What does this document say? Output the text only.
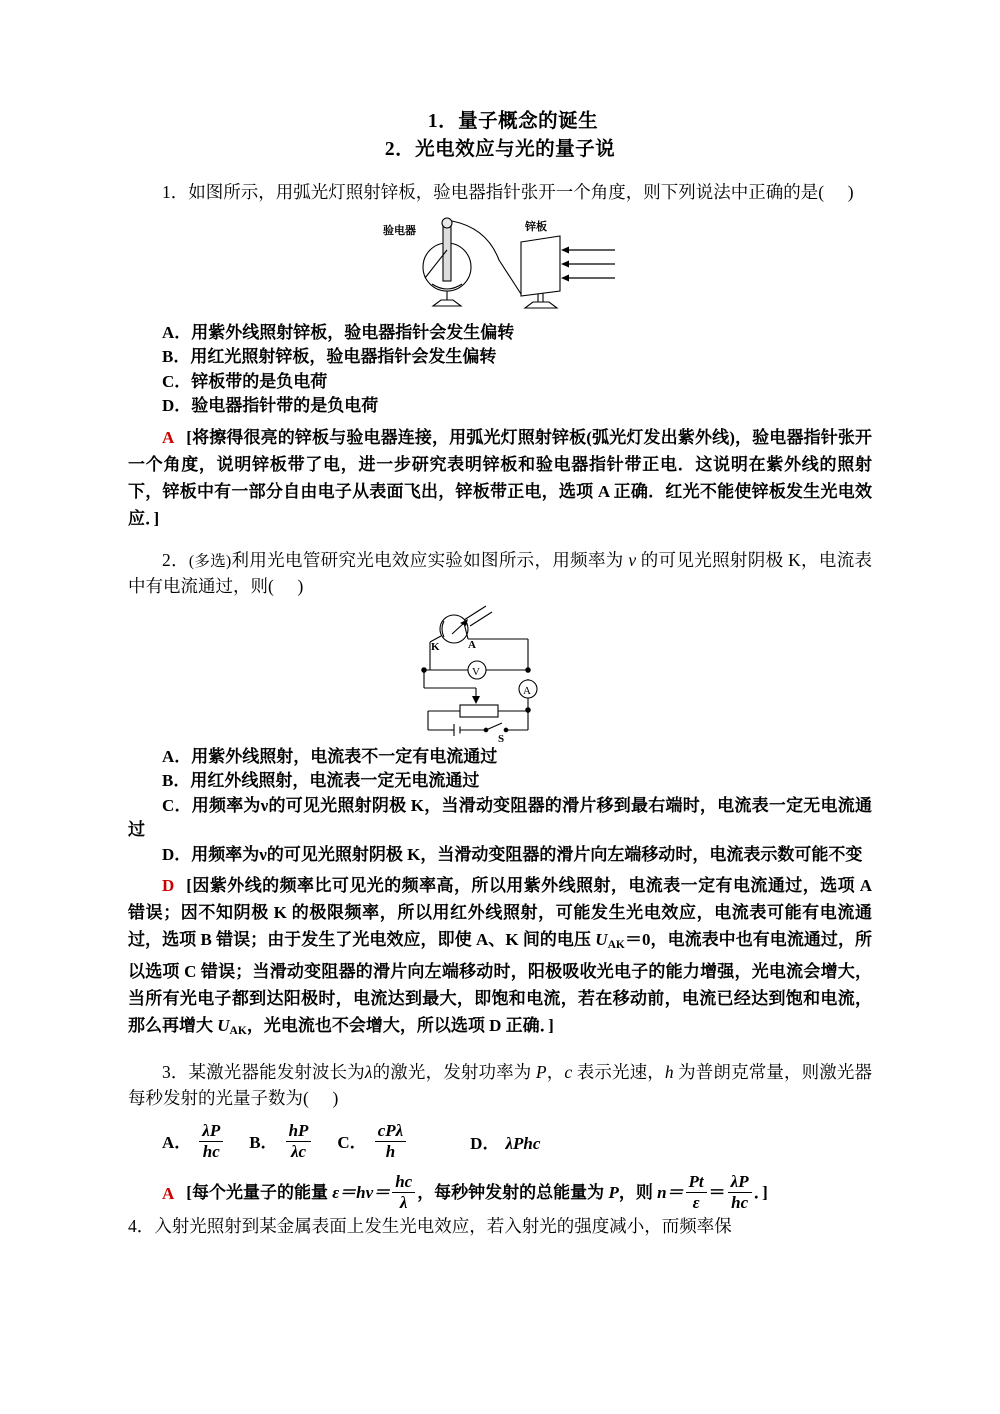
1．量子概念的诞生
2．光电效应与光的量子说
1．如图所示，用弧光灯照射锌板，验电器指针张开一个角度，则下列说法中正确的是( )
验电器	锌板
A．用紫外线照射锌板，验电器指针会发生偏转
B．用红光照射锌板，验电器指针会发生偏转
C．锌板带的是负电荷
D．验电器指针带的是负电荷
A [将擦得很亮的锌板与验电器连接，用弧光灯照射锌板(弧光灯发出紫外线)，验电器指针张开一个角度，说明锌板带了电，进一步研究表明锌板和验电器指针带正电．这说明在紫外线的照射下，锌板中有一部分自由电子从表面飞出，锌板带正电，选项 A 正确．红光不能使锌板发生光电效应．]
2．(多选)利用光电管研究光电效应实验如图所示，用频率为 ν 的可见光照射阴极 K，电流表中有电流通过，则( )
K	A
V
A
S
A．用紫外线照射，电流表不一定有电流通过
B．用红外线照射，电流表一定无电流通过
C．用频率为ν的可见光照射阴极 K，当滑动变阻器的滑片移到最右端时，电流表一定无电流通过
D．用频率为ν的可见光照射阴极 K，当滑动变阻器的滑片向左端移动时，电流表示数可能不变
D [因紫外线的频率比可见光的频率高，所以用紫外线照射，电流表一定有电流通过，选项 A 错误；因不知阴极 K 的极限频率，所以用红外线照射，可能发生光电效应，电流表可能有电流通过，选项 B 错误；由于发生了光电效应，即使 A、K 间的电压 $U_{AK}=0$，电流表中也有电流通过，所以选项 C 错误；当滑动变阻器的滑片向左端移动时，阳极吸收光电子的能力增强，光电流会增大，当所有光电子都到达阳极时，电流达到最大，即饱和电流，若在移动前，电流已经达到饱和电流，那么再增大 $U_{AK}$，光电流也不会增大，所以选项 D 正确．]
3．某激光器能发射波长为λ的激光，发射功率为 P，c 表示光速，h 为普朗克常量，则激光器每秒发射的光量子数为( )
A． $\frac{\lambda P}{hc}$ B． $\frac{hP}{\lambda c}$ C． $\frac{\text{cPλ}}{h}$	D． λPhc
A [每个光量子的能量 $\varepsilon=h\nu= \frac{hc}{\lambda}$ ，每秒钟发射的总能量为 P，则 $n= \frac{Pt}{\varepsilon} = \frac{\lambda P}{hc}$ ．]
4．入射光照射到某金属表面上发生光电效应，若入射光的强度减小，而频率保
